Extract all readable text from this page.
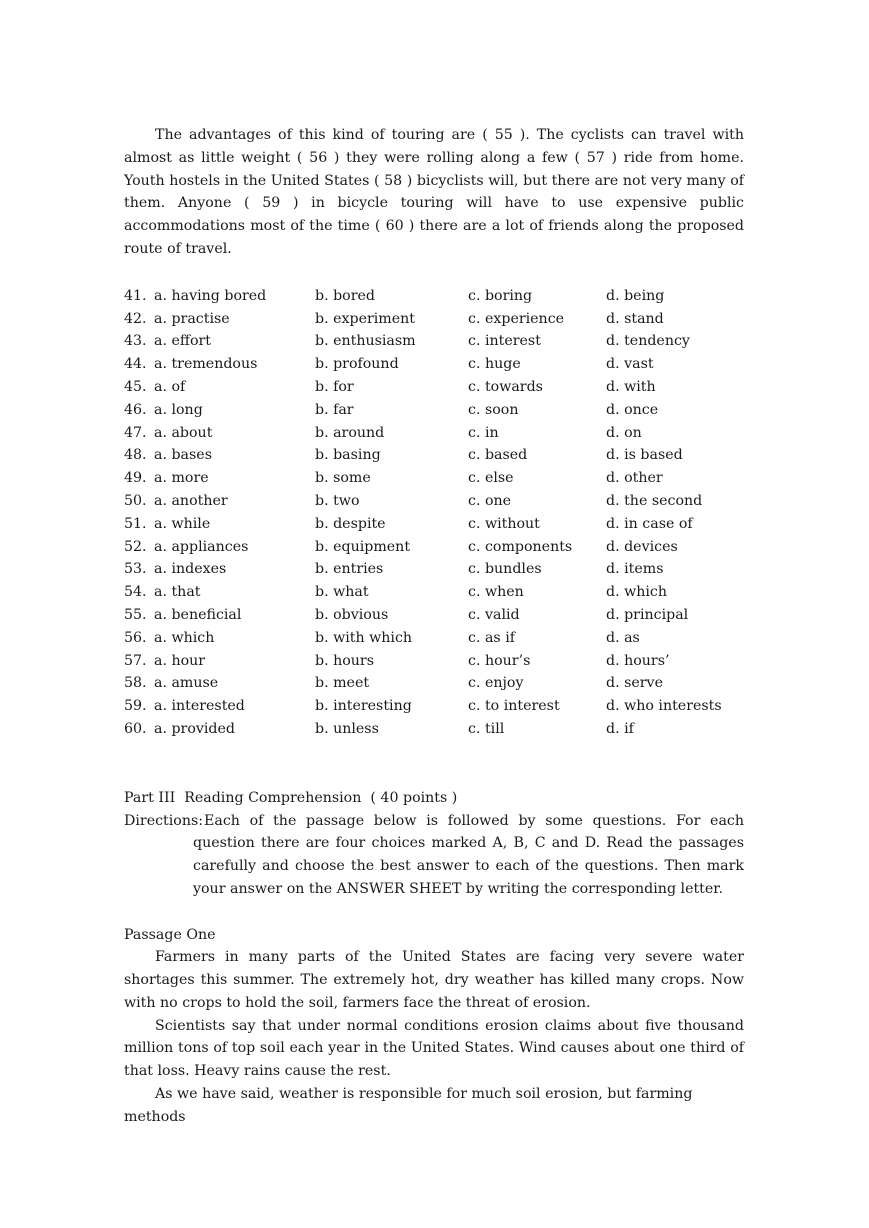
The advantages of this kind of touring are ( 55 ). The cyclists can travel with almost as little weight ( 56 ) they were rolling along a few ( 57 ) ride from home. Youth hostels in the United States ( 58 ) bicyclists will, but there are not very many of them. Anyone ( 59 ) in bicycle touring will have to use expensive public accommodations most of the time ( 60 ) there are a lot of friends along the proposed route of travel.

41. a. having bored	b. bored	c. boring	d. being
42. a. practise	b. experiment	c. experience	d. stand
43. a. effort	b. enthusiasm	c. interest	d. tendency
44. a. tremendous	b. profound	c. huge	d. vast
45. a. of	b. for	c. towards	d. with
46. a. long	b. far	c. soon	d. once
47. a. about	b. around	c. in	d. on
48. a. bases	b. basing	c. based	d. is based
49. a. more	b. some	c. else	d. other
50. a. another	b. two	c. one	d. the second
51. a. while	b. despite	c. without	d. in case of
52. a. appliances	b. equipment	c. components d. devices
53. a. indexes	b. entries	c. bundles	d. items
54. a. that	b. what	c. when	d. which
55. a. beneficial	b. obvious	c. valid	d. principal
56. a. which	b. with which	c. as if	d. as
57. a. hour	b. hours	c. hour’s	d. hours’
58. a. amuse	b. meet	c. enjoy	d. serve
59. a. interested	b. interesting	c. to interest	d. who interests
60. a. provided	b. unless	c. till	d. if
Part III  Reading Comprehension  ( 40 points )
Directions: Each of the passage below is followed by some questions. For each question there are four choices marked A, B, C and D. Read the passages carefully and choose the best answer to each of the questions. Then mark your answer on the ANSWER SHEET by writing the corresponding letter.
Passage One

Farmers in many parts of the United States are facing very severe water shortages this summer. The extremely hot, dry weather has killed many crops. Now with no crops to hold the soil, farmers face the threat of erosion.

Scientists say that under normal conditions erosion claims about five thousand million tons of top soil each year in the United States. Wind causes about one third of that loss. Heavy rains cause the rest.

As we have said, weather is responsible for much soil erosion, but farming methods
